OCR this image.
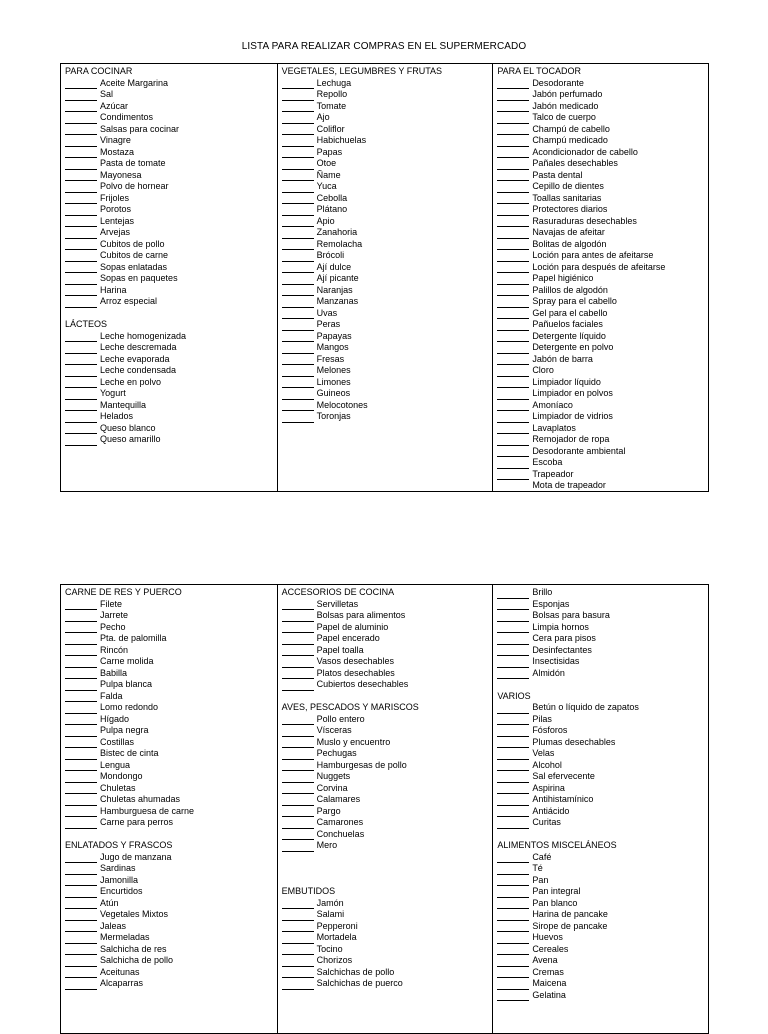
LISTA PARA REALIZAR COMPRAS EN EL SUPERMERCADO
PARA COCINAR
Aceite Margarina
Sal
Azúcar
Condimentos
Salsas para cocinar
Vinagre
Mostaza
Pasta de tomate
Mayonesa
Polvo de hornear
Frijoles
Porotos
Lentejas
Arvejas
Cubitos de pollo
Cubitos de carne
Sopas enlatadas
Sopas en paquetes
Harina
Arroz especial
LÁCTEOS
Leche homogenizada
Leche descremada
Leche evaporada
Leche condensada
Leche en polvo
Yogurt
Mantequilla
Helados
Queso blanco
Queso amarillo
VEGETALES, LEGUMBRES Y FRUTAS
Lechuga
Repollo
Tomate
Ajo
Coliflor
Habichuelas
Papas
Otoe
Ñame
Yuca
Cebolla
Plátano
Apio
Zanahoria
Remolacha
Brócoli
Ají dulce
Ají picante
Naranjas
Manzanas
Uvas
Peras
Papayas
Mangos
Fresas
Melones
Limones
Guineos
Melocotones
Toronjas
PARA EL TOCADOR
Desodorante
Jabón perfumado
Jabón medicado
Talco de cuerpo
Champú de cabello
Champú medicado
Acondicionador de cabello
Pañales desechables
Pasta dental
Cepillo de dientes
Toallas sanitarias
Protectores diarios
Rasuraduras desechables
Navajas de afeitar
Bolitas de algodón
Loción para antes de afeitarse
Loción para después de afeitarse
Papel higiénico
Palillos de algodón
Spray para el cabello
Gel para el cabello
Pañuelos faciales
Detergente líquido
Detergente en polvo
Jabón de barra
Cloro
Limpiador líquido
Limpiador en polvos
Amoníaco
Limpiador de vidrios
Lavaplatos
Remojador de ropa
Desodorante ambiental
Escoba
Trapeador
Mota de trapeador
CARNE DE RES Y PUERCO
Filete
Jarrete
Pecho
Pta. de palomilla
Rincón
Carne molida
Babilla
Pulpa blanca
Falda
Lomo redondo
Hígado
Pulpa negra
Costillas
Bistec de cinta
Lengua
Mondongo
Chuletas
Chuletas ahumadas
Hamburguesa de carne
Carne para perros
ENLATADOS Y FRASCOS
Jugo de manzana
Sardinas
Jamonilla
Encurtidos
Atún
Vegetales Mixtos
Jaleas
Mermeladas
Salchicha de res
Salchicha de pollo
Aceitunas
Alcaparras
ACCESORIOS DE COCINA
Servilletas
Bolsas para alimentos
Papel de aluminio
Papel encerado
Papel toalla
Vasos desechables
Platos desechables
Cubiertos desechables
AVES, PESCADOS Y MARISCOS
Pollo entero
Vísceras
Muslo y encuentro
Pechugas
Hamburgesas de pollo
Nuggets
Corvina
Calamares
Pargo
Camarones
Conchuelas
Mero
EMBUTIDOS
Jamón
Salami
Pepperoni
Mortadela
Tocino
Chorizos
Salchichas de pollo
Salchichas de puerco
Brillo
Esponjas
Bolsas para basura
Limpia hornos
Cera para pisos
Desinfectantes
Insectisidas
Almidón
VARIOS
Betún o líquido de zapatos
Pilas
Fósforos
Plumas desechables
Velas
Alcohol
Sal efervecente
Aspirina
Antihistamínico
Antiácido
Curitas
ALIMENTOS MISCELÁNEOS
Café
Té
Pan
Pan integral
Pan blanco
Harina de pancake
Sirope de pancake
Huevos
Cereales
Avena
Cremas
Maicena
Gelatina
